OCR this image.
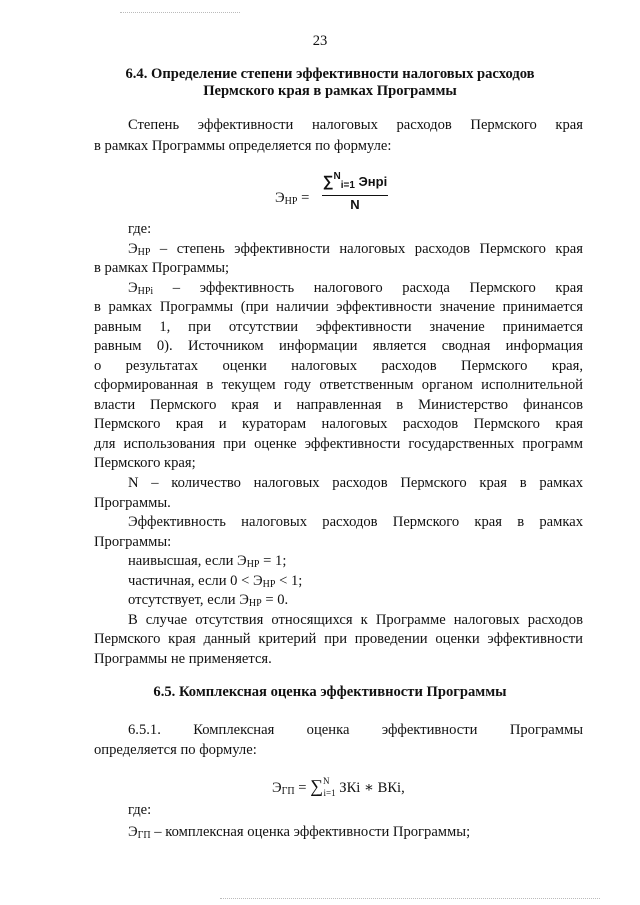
23
6.4. Определение степени эффективности налоговых расходов
Пермского края в рамках Программы
Степень эффективности налоговых расходов Пермского края
в рамках Программы определяется по формуле:
$Э_{НР}$ =
∑$^N$i=1 Энрi
N
где:
$Э_{НР}$ – степень эффективности налоговых расходов Пермского края
в рамках Программы;
$Э_{НРi}$ – эффективность налогового расхода Пермского края
в рамках Программы (при наличии эффективности значение принимается
равным 1, при отсутствии эффективности значение принимается
равным 0). Источником информации является сводная информация
о результатах оценки налоговых расходов Пермского края,
сформированная в текущем году ответственным органом исполнительной
власти Пермского края и направленная в Министерство финансов
Пермского края и кураторам налоговых расходов Пермского края
для использования при оценке эффективности государственных программ
Пермского края;
N – количество налоговых расходов Пермского края в рамках
Программы.
Эффективность налоговых расходов Пермского края в рамках
Программы:
наивысшая, если $Э_{НР} = 1$;
частичная, если $0 < Э_{НР} < 1$;
отсутствует, если $Э_{НР} = 0$.
В случае отсутствия относящихся к Программе налоговых расходов
Пермского края данный критерий при проведении оценки эффективности
Программы не применяется.
6.5. Комплексная оценка эффективности Программы
6.5.1. Комплексная оценка эффективности Программы
определяется по формуле:
$Э_{ГП} = \sum^N_{i=1}$ ЗКi ∗ ВКi,
где:
$Э_{ГП}$ – комплексная оценка эффективности Программы;
